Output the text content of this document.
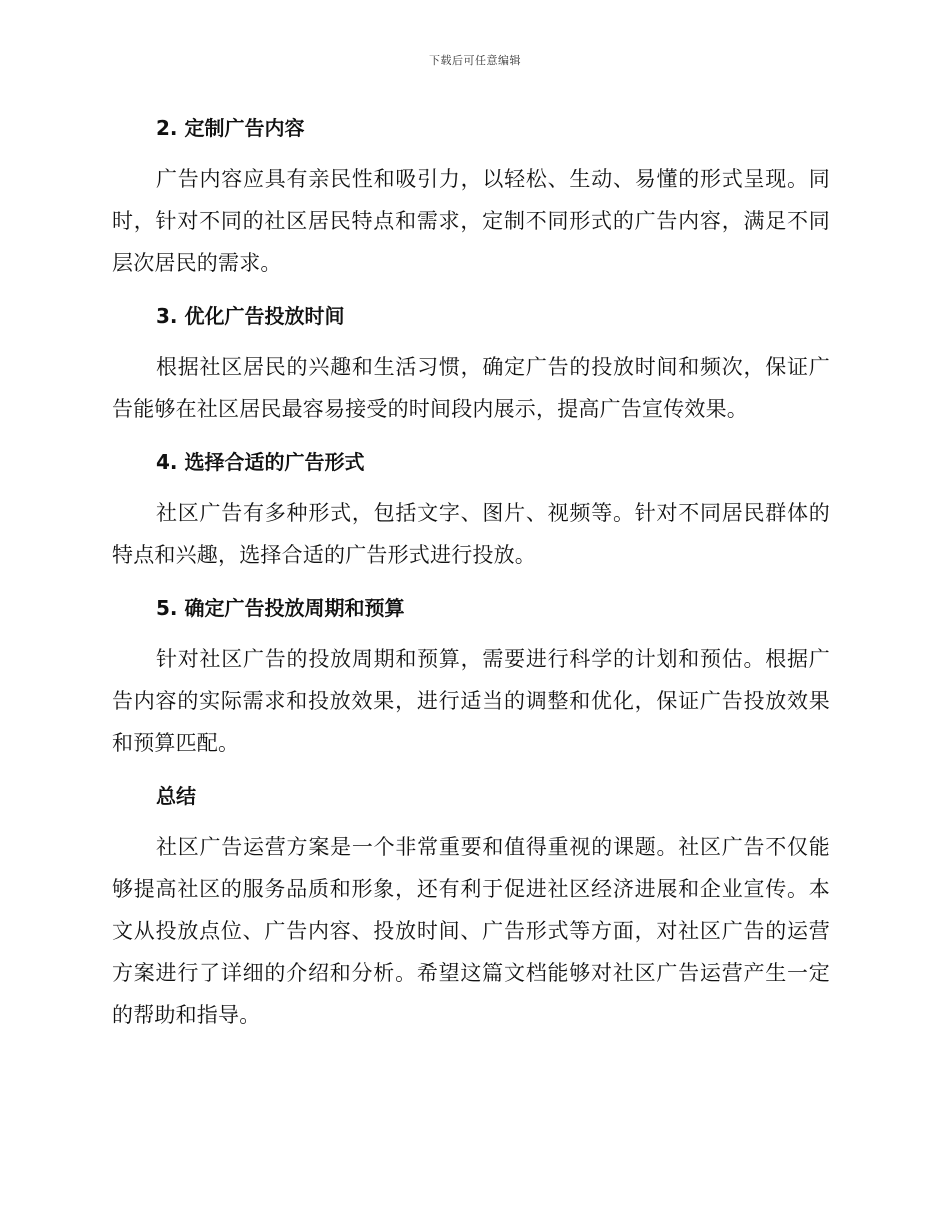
下载后可任意编辑
2. 定制广告内容
广告内容应具有亲民性和吸引力，以轻松、生动、易懂的形式呈现。同时，针对不同的社区居民特点和需求，定制不同形式的广告内容，满足不同层次居民的需求。
3. 优化广告投放时间
根据社区居民的兴趣和生活习惯，确定广告的投放时间和频次，保证广告能够在社区居民最容易接受的时间段内展示，提高广告宣传效果。
4. 选择合适的广告形式
社区广告有多种形式，包括文字、图片、视频等。针对不同居民群体的特点和兴趣，选择合适的广告形式进行投放。
5. 确定广告投放周期和预算
针对社区广告的投放周期和预算，需要进行科学的计划和预估。根据广告内容的实际需求和投放效果，进行适当的调整和优化，保证广告投放效果和预算匹配。
总结
社区广告运营方案是一个非常重要和值得重视的课题。社区广告不仅能够提高社区的服务品质和形象，还有利于促进社区经济进展和企业宣传。本文从投放点位、广告内容、投放时间、广告形式等方面，对社区广告的运营方案进行了详细的介绍和分析。希望这篇文档能够对社区广告运营产生一定的帮助和指导。
